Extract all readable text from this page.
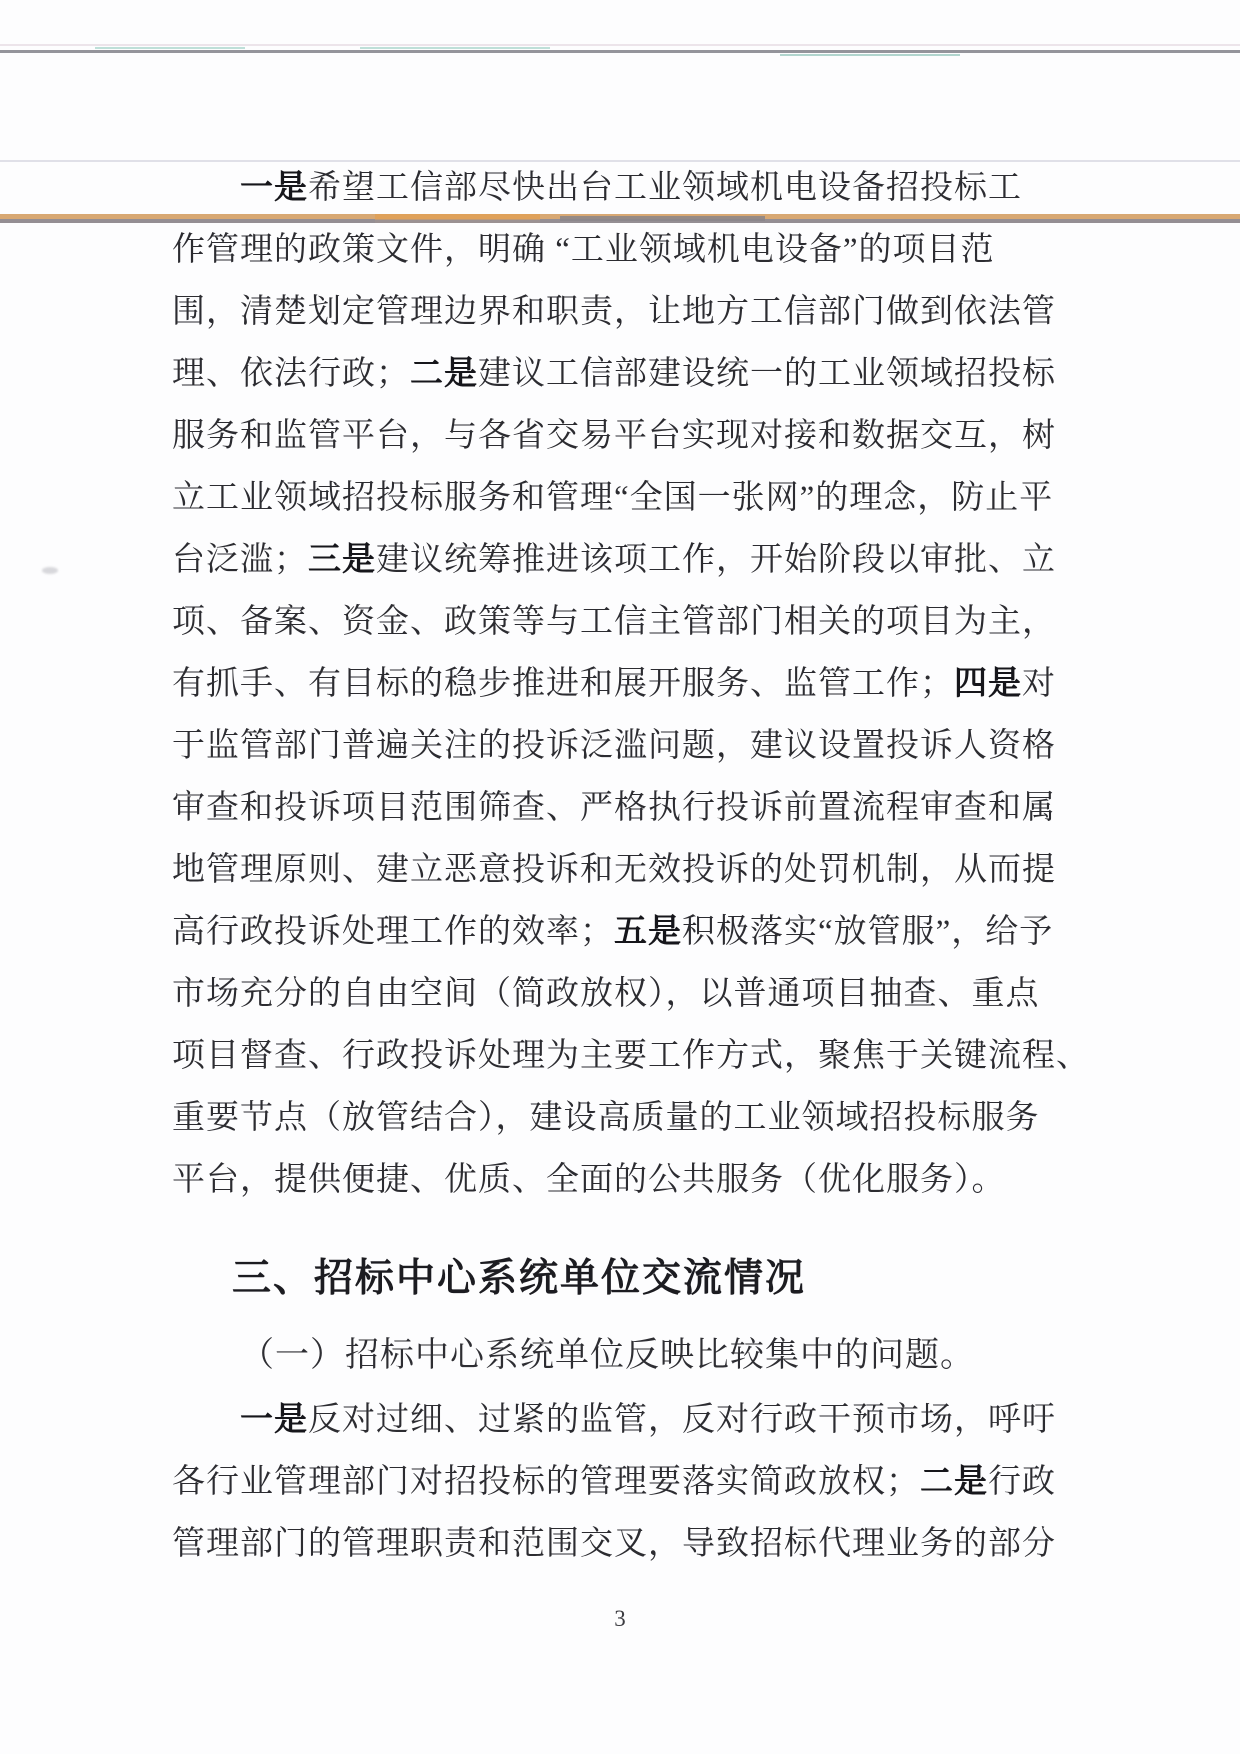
一是希望工信部尽快出台工业领域机电设备招投标工
作管理的政策文件，明确 “工业领域机电设备”的项目范
围，清楚划定管理边界和职责，让地方工信部门做到依法管
理、依法行政；二是建议工信部建设统一的工业领域招投标
服务和监管平台，与各省交易平台实现对接和数据交互，树
立工业领域招投标服务和管理“全国一张网”的理念，防止平
台泛滥；三是建议统筹推进该项工作，开始阶段以审批、立
项、备案、资金、政策等与工信主管部门相关的项目为主，
有抓手、有目标的稳步推进和展开服务、监管工作；四是对
于监管部门普遍关注的投诉泛滥问题，建议设置投诉人资格
审查和投诉项目范围筛查、严格执行投诉前置流程审查和属
地管理原则、建立恶意投诉和无效投诉的处罚机制，从而提
高行政投诉处理工作的效率；五是积极落实“放管服”，给予
市场充分的自由空间（简政放权），以普通项目抽查、重点
项目督查、行政投诉处理为主要工作方式，聚焦于关键流程、
重要节点（放管结合），建设高质量的工业领域招投标服务
平台，提供便捷、优质、全面的公共服务（优化服务）。
三、招标中心系统单位交流情况
（一）招标中心系统单位反映比较集中的问题。
一是反对过细、过紧的监管，反对行政干预市场，呼吁
各行业管理部门对招投标的管理要落实简政放权；二是行政
管理部门的管理职责和范围交叉，导致招标代理业务的部分
3
